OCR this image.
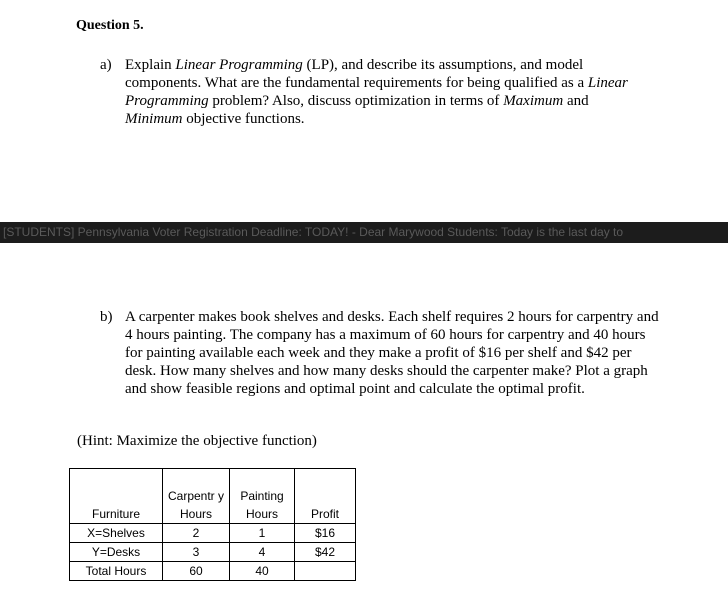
Question 5.
a) Explain Linear Programming (LP), and describe its assumptions, and model components. What are the fundamental requirements for being qualified as a Linear Programming problem? Also, discuss optimization in terms of Maximum and Minimum objective functions.
[STUDENTS] Pennsylvania Voter Registration Deadline: TODAY! - Dear Marywood Students: Today is the last day to
b) A carpenter makes book shelves and desks. Each shelf requires 2 hours for carpentry and 4 hours painting. The company has a maximum of 60 hours for carpentry and 40 hours for painting available each week and they make a profit of $16 per shelf and $42 per desk. How many shelves and how many desks should the carpenter make? Plot a graph and show feasible regions and optimal point and calculate the optimal profit.
(Hint: Maximize the objective function)
Furniture	Carpentr y Hours	Painting Hours	Profit
X=Shelves	2	1	$16
Y=Desks	3	4	$42
Total Hours	60	40	
